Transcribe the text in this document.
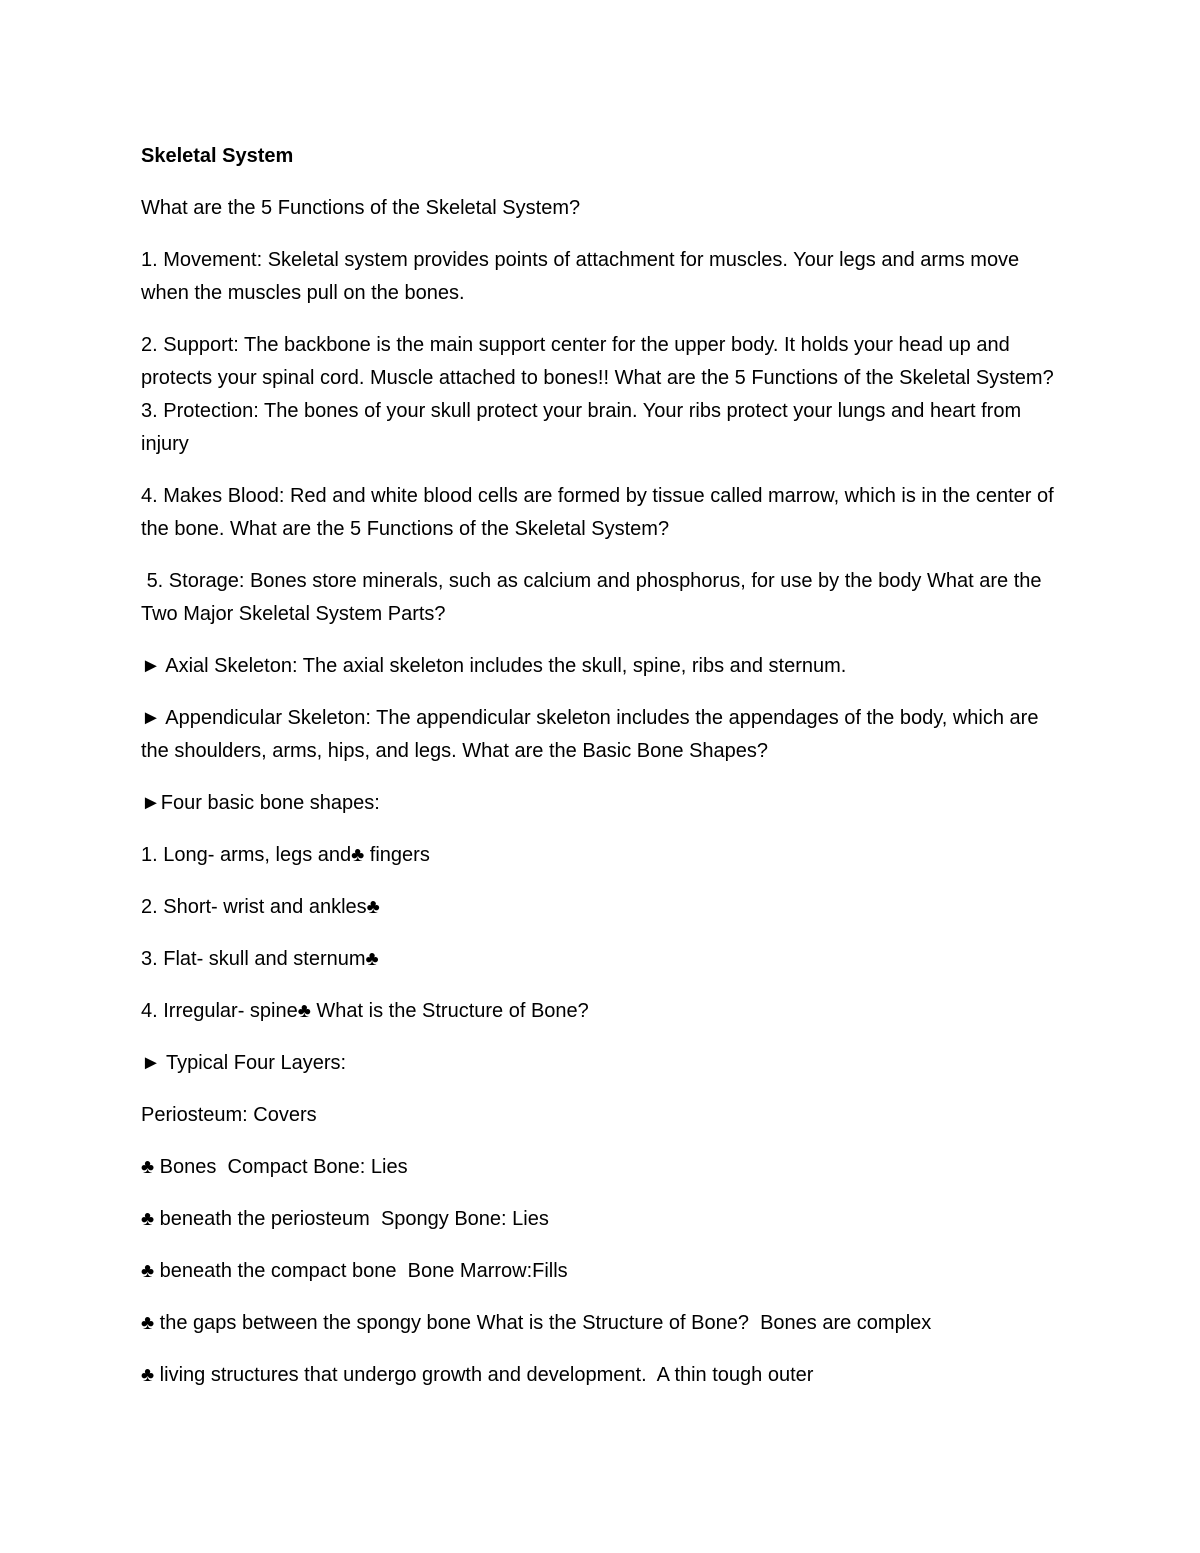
Skeletal System

What are the 5 Functions of the Skeletal System?

1. Movement: Skeletal system provides points of attachment for muscles. Your legs and arms move when the muscles pull on the bones.

2. Support: The backbone is the main support center for the upper body. It holds your head up and protects your spinal cord. Muscle attached to bones!! What are the 5 Functions of the Skeletal System? 3. Protection: The bones of your skull protect your brain. Your ribs protect your lungs and heart from injury

4. Makes Blood: Red and white blood cells are formed by tissue called marrow, which is in the center of the bone. What are the 5 Functions of the Skeletal System?

5. Storage: Bones store minerals, such as calcium and phosphorus, for use by the body What are the Two Major Skeletal System Parts?

► Axial Skeleton: The axial skeleton includes the skull, spine, ribs and sternum.

► Appendicular Skeleton: The appendicular skeleton includes the appendages of the body, which are the shoulders, arms, hips, and legs. What are the Basic Bone Shapes?

►Four basic bone shapes:

1. Long- arms, legs and♣ fingers

2. Short- wrist and ankles♣

3. Flat- skull and sternum♣

4. Irregular- spine♣ What is the Structure of Bone?

► Typical Four Layers:

Periosteum: Covers

♣ Bones  Compact Bone: Lies

♣ beneath the periosteum  Spongy Bone: Lies

♣ beneath the compact bone  Bone Marrow:Fills

♣ the gaps between the spongy bone What is the Structure of Bone?  Bones are complex

♣ living structures that undergo growth and development.  A thin tough outer
